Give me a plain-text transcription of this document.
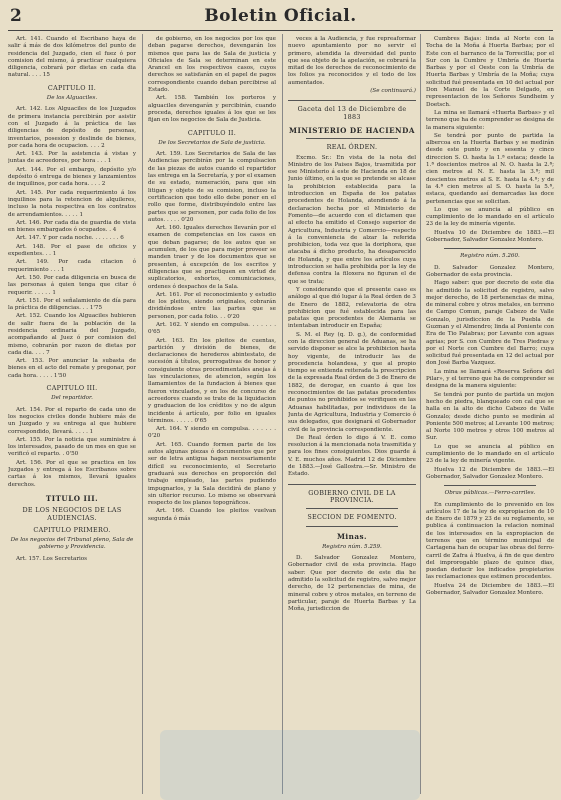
2	Boletin Oficial.

Art. 141. Cuando el Escribano haya de salir á más de dos kilómetros del punto de residencia del Juzgado, cien el fuez ó por comision del mismo, á practicar cualquiera diligencia, cobrará por dietas en cada dia natural. . . . 15

CAPITULO II.

De los Alguaciles.

Art. 142. Los Alguaciles de los Juzgados de primera instancia percibirán por asistir con el Juzgado á la práctica de las diligencias de depósito de personas, inventarios, posesion y deslinde de bienes, por cada hora de ocupacion. . . . 2

Art. 143. Por la asistencia á vistas y juntas de acreedores, por hora . . . 1

Art. 144. Por el embargo, depósito y/o depósito ó entrega de bienes y lanzamientos de inquilinos, por cada hora. . . . 2

Art. 145. Por cada requerimiento á los inquilinos para la retencion de alquileres, incluso la nota respectiva en los contratos de arrendamientos. . . . . 1

Art. 146. Por cada dia de guardia de vista en bienes embargados ó ocupados. . 4

Art. 147. Y por cada noche. . . . . . . . 6

Art. 148. Por el pase de oficios y expedientes. . . 1

Art. 149. Por cada citacion ó requerimiento . . . 1

Art. 150. Por cada diligencia en busca de las personas á quien tenga que citar ó requerir. . . . . . 1

Art. 151. Por el señalamiento de día para la práctica de diligencias. . . 1'75

Art. 152. Cuando los Alguaciles hubieren de salir fuera de la población de la residencia ordinaria del Juzgado, acompañando al Juez ó por comision del mismo, cobrarán por razon de dietas por cada dia. . . . 7

Art. 153. Por anunciar la subasta de bienes en el acto del remate y pregonar, por cada hora. . . . . 1'50

CAPITULO III.

Del repartidor.

Art. 154. Por el reparto de cada uno de los negocios civiles donde hubiere más de un Juzgado y su entrega al que hubiere correspondido, llevará. . . . . 1

Art. 155. Por la noticia que suministre á los interesados, pasado de un mes en que se verificó el reparto. . 0'50

Art. 156. Por el que se practica en los Juzgados y entrega á los Escribanos sobre cartas á los mismos, llevará iguales derechos.

TITULO III.

DE LOS NEGOCIOS DE LAS AUDIENCIAS.

CAPITULO PRIMERO.

De los negocios del Tribunal pleno, Sala de gobierno y Providencia.

Art. 157. Los Secretarios

de gobierno, en los negocios por los que deban pagarse derechos, devengarán los mismos que para las de Sala de justicia y Oficiales de Sala se determinan en este Arancel en los respectivos casos, cuyos derechos se satisfarán en el papel de pagos correspondiente cuando deban percibirse al Estado.

Art. 158. También los porteros y alguaciles devengarán y percibirán, cuando proceda, derechos iguales á los que se les fijan en los negocios de Sala de Justicia.

CAPITULO II.

De los Secretarios de Sala de justicia.

Art. 159. Los Secretarios de Sala de las Audiencias percibirán por la compulsacion de las piezas de autos cuando el repartidor las entrega en la Secretaría, y por el examen de su estado, numeración, para que sin litigan y objeto de su comision, incluso la certificacion que todo ello debe poner en el rollo que forme, distribuyéndolo entre las partes que se personen, por cada folio de los autos. . . . . 0'20

Art. 160. Iguales derechos llevarán por el examen de competencias en los casos en que deban pagarse; de los autos que se acumulen, de los que para mejor proveer se manden traer y de los documentos que se presenten, á excepción de los escritos y diligencias que se practiquen en virtud de suplicatorios, exhortos, comunicaciones, ordenes ó despachos de la Sala.

Art. 161. Por el reconocimiento y estudio de los pleitos, siendo originales, cobrarán dividiéndose entre las partes que se personen, por cada folio. . . 0'20

Art. 162. Y siendo en compulsa. . . . . . . 0'65

Art. 163. En los pleitos de cuentas, partición y división de bienes, de declaraciones de herederos abintestato, de sucesión á títulos, prerrogativas de honor y consiguiente otras procedimentales anejas á las vinculaciones, de atencion, según los llamamientos de la fundacion á bienes que fueron vinculados, y en los de concurso de acreedores cuando se trate de la liquidacion y graduacion de los créditos y no de algun incidente á artículo, por folio en iguales términos. . . . . . 0'65

Art. 164. Y siendo en compulsa. . . . . . . 0'20

Art. 165. Cuando formen parte de los autos algunas piezas ó documentos que por ser de letra antigua hagan necesariamente difícil su reconocimiento, el Secretario graduará sus derechos en proporción del trabajo empleado, las partes pudiendo impugnarlos, y la Sala decidirá de plano y sin ulterior recurso. Lo mismo se observará respecto de los planos topográficos.

Art. 166. Cuando los pleitos vuelvan segunda ó más

veces á la Audiencia, y fue repreaformar nuevo apuntamiento por no servir el primero, atendida la diversidad del punto que sea objeto de la apelación, se cobrará la mitad de los derechos de reconocimiento de los folios ya reconocidos y el todo de los aumentados.

(Se continuará.)

Gaceta del 13 de Diciembre de 1883

MINISTERIO DE HACIENDA

REAL ÓRDEN.

Excmo. Sr.: En vista de la nota del Ministro de los Paises Bajos, trasmitida por ese Ministerio á este de Hacienda en 18 de Junio último, en la que se pretende se alcase la prohibicion establecida para la introduccion en España de los patatas procedentes de Holanda, atendiendo á la declaracion hecha por el Ministerio de Fomento—de acuerdo con el dictamen que al efecto ha emitido el Consejo superior de Agricultura, Industria y Comercio—respecto á la conveniencia de alzar la referida prohibicion, toda vez que la doriphora, que atacaba á dicho producto, ha desaparecido de Holanda, y que entre los artículos cuya introduccion se halla prohibida por la ley de defensa contra la filoxera no figuran el de que se trata;

Y considerando que el presente caso es análogo al que dió lugar á la Real órden de 3 de Enero de 1882, relevatoria de otra prohibicion que fué establecida para las patatas que procedentes de Alemania se intentaban introducir en España;

S. M. el Rey (q. D. g.), de conformidad con la direccion general de Aduanas, se ha servido disponer se alce la prohibicion hasta hoy vigente, de introducir las de procedencia holandesa, y que al propio tiempo se entienda reiterada la prescripcion de la expresada Real órden de 3 de Enero de 1882, de derogar, en cuanto á que los reconocimientos de las patatas procedentes de puntos no prohibidos se verifiquen en las Aduanas habilitadas, por individuos de la Junta de Agricultura, Industria y Comercio ó sus delegados, que designará el Gobernador civil de la provincia correspondiente.

De Real órden lo digo á V. E. como resolucion á la mencionada nota trasmitida y para los fines consiguientes. Dios guarde á V. E. muchos años. Madrid 12 de Diciembre de 1883.—José Gallostra.—Sr. Ministro de Estado.

GOBIERNO CIVIL DE LA PROVINCIA.

SECCION DE FOMENTO.

Minas.

Registro núm. 5.259.

D. Salvador Gonzalez Montero, Gobernador civil de esta provincia. Hago saber: Que por decreto de este dia he admitido la solicitud de registro, salvo mejor derecho, de 12 pertenencias de mina, de mineral cobre y otros metales, en terreno de particular, paraje de Huerta Barbas y La Moña, jurisdiccion de

Cumbres Bajas: linda al Norte con la Tocha de la Moña á Huerta Barbas; por el Este con el barranco de la Torrecilla; por el Sur con la Cumbre y Umbría de Huerta Barbas y por el Oeste con la Umbría de Huerta Barbas y Umbría de la Moña; cuya solicitud fué presentada en 10 del actual por Don Manuel de la Corte Delgado, en representacion de los Señores Sundheim y Doetsch.

La mina se llamará «Huerta Barbas» y el terreno que ha de comprender se designa de la manera siguiente:

Se tendrá por punto de partida la albercoa en la Huerta Barbas y se medirán desde este punto y en sesenta y cinco direccion S. O. hasta la 1.ª estaca; desde la 1.ª doscientos metros al N. O. hasta la 2.ª; cien metros al N. E. hasta la 3.ª; mil doscientos metros al S. E. hasta la 4.ª; y de la 4.ª cien metros al S. O. hasta la 5.ª, estaca, quedando así demarcadas las doce pertenencias que se solicitan.

Lo que se anuncia al público en cumplimiento de lo mandado en el artículo 23 de la ley de minería vigente.

Huelva 10 de Diciembre de 1883.—El Gobernador, Salvador Gonzalez Montero.

Registro núm. 5.260.

D. Salvador Gonzalez Montero, Gobernador de esta provincia.

Hago saber: que por decreto de este dia he admitido la solicitud de registro, salvo mejor derecho, de 18 pertenencias de mina, de mineral cobre y otros metales, en terreno de Campo Comun, paraje Cabezo de Valle Gonzalo, jurisdiccion de la Puebla de Guzman y el Almendro; linda al Poniente con Era de Tio Palabras; por Levante con aguas agrias; por S. con Cumbre de Tres Piedras y por el Norte con Cumbre del Barro; cuya solicitud fué presentada en 12 del actual por don José Barba Vazquez.

La mina se llamará «Reserva Señora del Pilar», y el terreno que ha de comprender se designa de la manera siguiente:

Se tendrá por punto de partida un mojon hecho de piedra, blanqueado con cal que se halla en la alto de dicho Cabezo de Valle Gonzalo; desde dicho punto se medirán al Poniente 500 metros; al Levante 100 metros; al Norte 100 metros y otros 100 metros al Sur.

Lo que se anuncia al público en cumplimiento de lo mandado en el artículo 23 de la ley de minería vigente.

Huelva 12 de Diciembre de 1883.—El Gobernador, Salvador Gonzalez Montero.

Obras públicas.—Ferro-carriles.

En cumplimiento de lo prevenido en los artículos 17 de la ley de expropiacion de 10 de Enero de 1879 y 23 de su reglamento, se publica á continuacion la relacion nominal de los interesados en la expropiacion de terrenos que en término municipal de Cartagena han de ocupar las obras del ferro-carril de Zafra á Huelva, á fin de que dentro del improrogable plazo de quince dias, puedan deducir los indicados propietarios las reclamaciones que estimen procedentes.

Huelva 24 de Diciembre de 1883.—El Gobernador, Salvador Gonzalez Montero.
